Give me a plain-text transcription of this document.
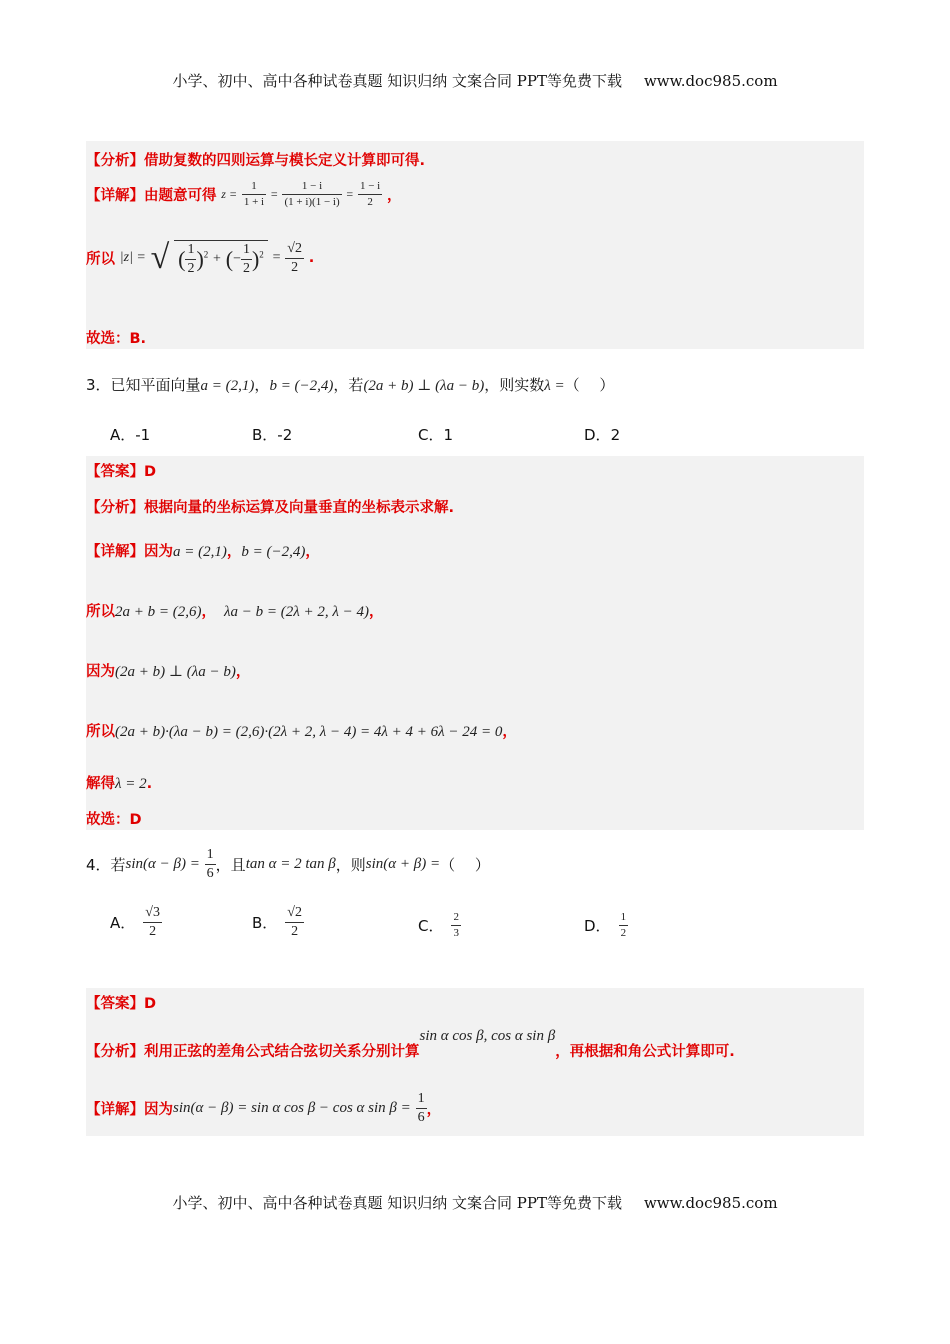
小学、初中、高中各种试卷真题 知识归纳 文案合同 PPT等免费下载 www.doc985.com
【分析】借助复数的四则运算与模长定义计算即可得.
【详解】由题意可得 $z = \frac{1}{1 + i} = \frac{1 - i}{(1 + i)(1 - i)} = \frac{1 - i}{2}$ ，
所以 |z| = √ ( $\frac{1}{2} )^2$ + (− $\frac{1}{2} )^2 = \frac{√2}{2}$ .
故选：B.
3．已知平面向量a = (2,1)，b = (−2,4)，若(2a + b) ⊥ (λa − b)，则实数λ =（　 ）
A．-1	B．-2	C．1	D．2
【答案】D
【分析】根据向量的坐标运算及向量垂直的坐标表示求解.
【详解】因为a = (2,1)，b = (−2,4)，
所以2a + b = (2,6)， λa − b = (2λ + 2, λ − 4)，
因为(2a + b) ⊥ (λa − b)，
所以(2a + b)·(λa − b) = (2,6)·(2λ + 2, λ − 4) = 4λ + 4 + 6λ − 24 = 0，
解得λ = 2.
故选：D
4．若$\sin(\alpha - \beta) = \frac{1}{6}$ ，且tan α = 2 tan β，则sin(α + β) =（　 ）
A． $\frac{√3}{2}$	B． $\frac{√2}{2}$	C． $\frac{2}{3}$	D． $\frac{1}{2}$
【答案】D
【分析】利用正弦的差角公式结合弦切关系分别计算sin α cos β, cos α sin β，再根据和角公式计算即可.
【详解】因为sin(α − β) = sin α cos β − cos α $\sin \beta = \frac{1}{6}$ ，
小学、初中、高中各种试卷真题 知识归纳 文案合同 PPT等免费下载 www.doc985.com
